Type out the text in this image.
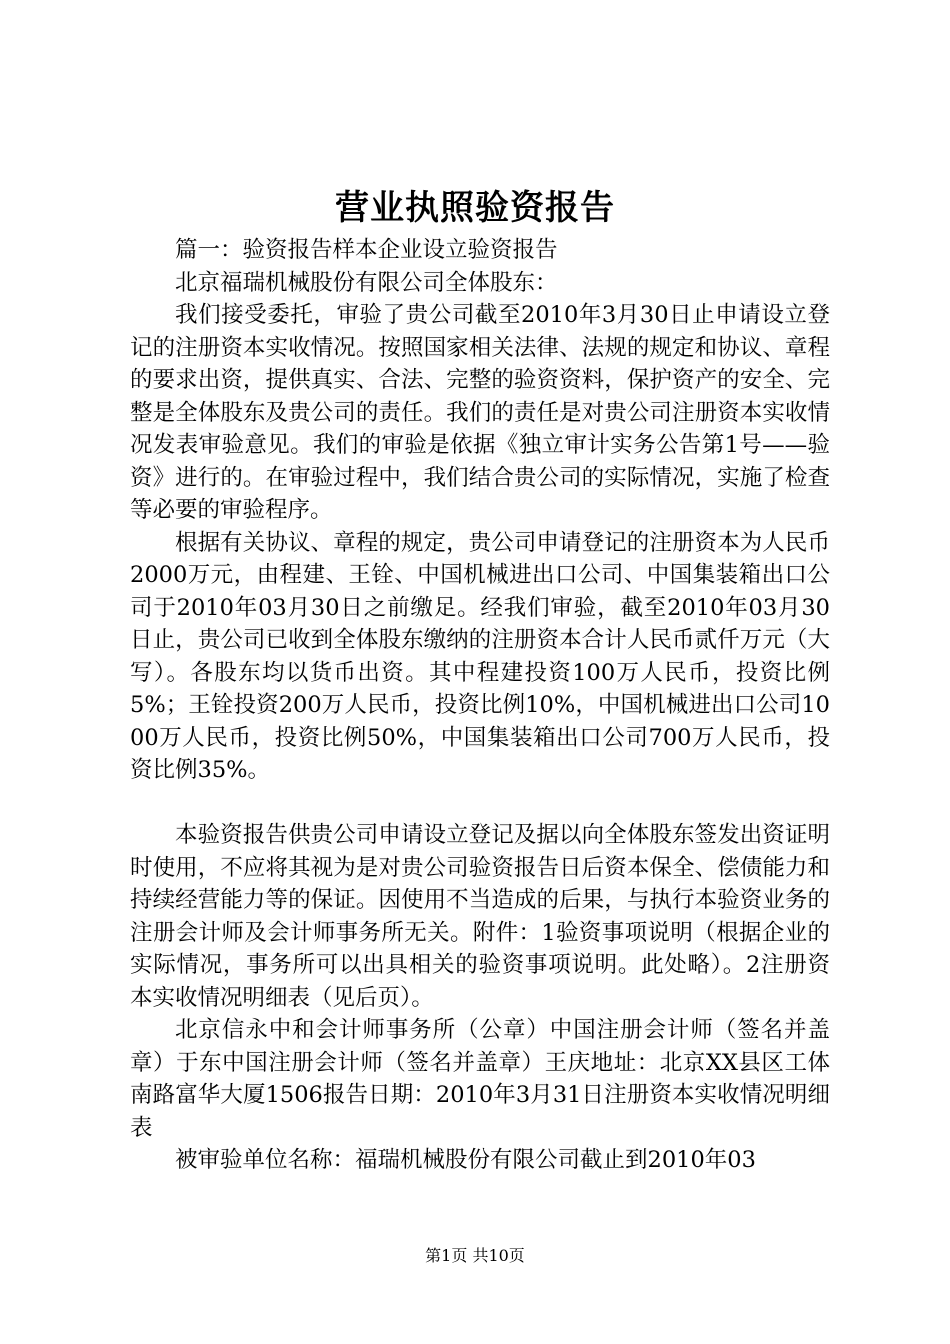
营业执照验资报告

篇一：验资报告样本企业设立验资报告

北京福瑞机械股份有限公司全体股东：

我们接受委托，审验了贵公司截至2010年3月30日止申请设立登记的注册资本实收情况。按照国家相关法律、法规的规定和协议、章程的要求出资，提供真实、合法、完整的验资资料，保护资产的安全、完整是全体股东及贵公司的责任。我们的责任是对贵公司注册资本实收情况发表审验意见。我们的审验是依据《独立审计实务公告第1号——验资》进行的。在审验过程中，我们结合贵公司的实际情况，实施了检查等必要的审验程序。

根据有关协议、章程的规定，贵公司申请登记的注册资本为人民币2000万元，由程建、王铨、中国机械进出口公司、中国集装箱出口公司于2010年03月30日之前缴足。经我们审验，截至2010年03月30日止，贵公司已收到全体股东缴纳的注册资本合计人民币贰仟万元（大写）。各股东均以货币出资。其中程建投资100万人民币，投资比例5%；王铨投资200万人民币，投资比例10%，中国机械进出口公司1000万人民币，投资比例50%，中国集装箱出口公司700万人民币，投资比例35%。

本验资报告供贵公司申请设立登记及据以向全体股东签发出资证明时使用，不应将其视为是对贵公司验资报告日后资本保全、偿债能力和持续经营能力等的保证。因使用不当造成的后果，与执行本验资业务的注册会计师及会计师事务所无关。附件：1验资事项说明（根据企业的实际情况，事务所可以出具相关的验资事项说明。此处略）。2注册资本实收情况明细表（见后页）。

北京信永中和会计师事务所（公章）中国注册会计师（签名并盖章）于东中国注册会计师（签名并盖章）王庆地址：北京XX县区工体南路富华大厦1506报告日期：2010年3月31日注册资本实收情况明细表

被审验单位名称：福瑞机械股份有限公司截止到2010年03

第1页 共10页
